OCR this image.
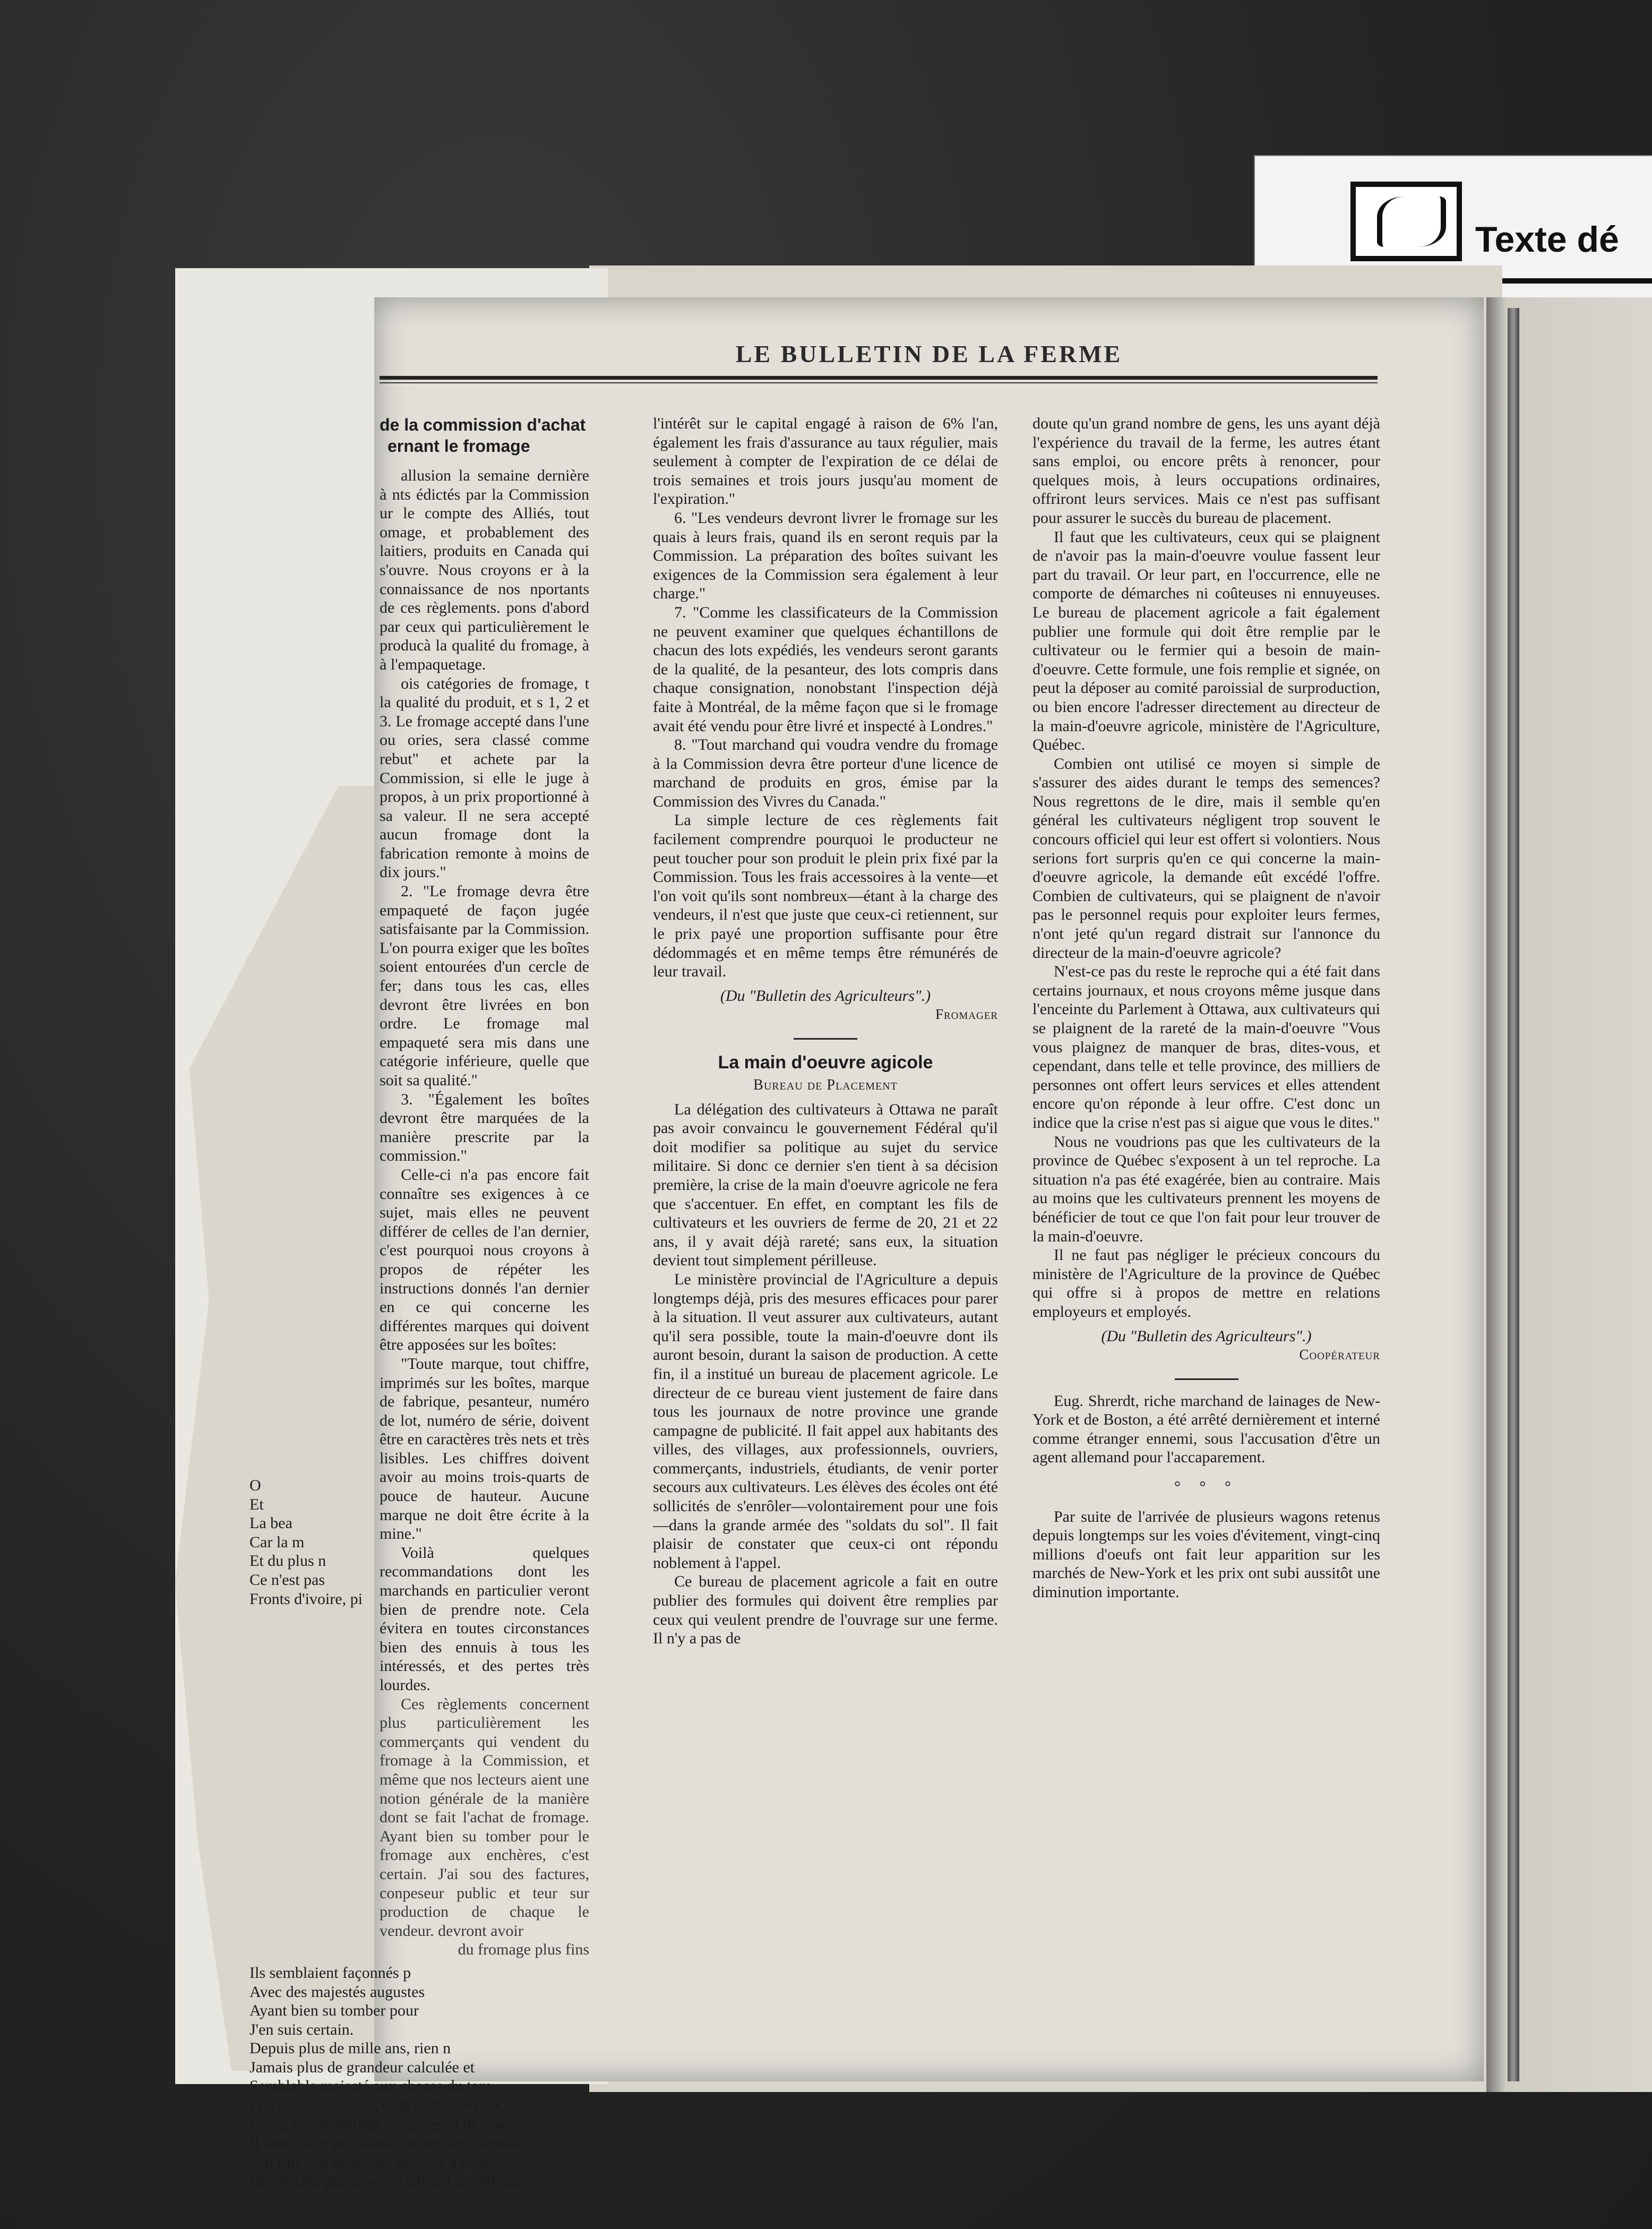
Texte dé
LE BULLETIN DE LA FERME
de la commission d'achat
ernant le fromage

allusion la semaine dernière à nts édictés par la Commission ur le compte des Alliés, tout omage, et probablement des laitiers, produits en Canada qui s'ouvre. Nous croyons er à la connaissance de nos nportants de ces règlements. pons d'abord par ceux qui particulièrement le producà la qualité du fromage, à à l'empaquetage.

ois catégories de fromage, t la qualité du produit, et s 1, 2 et 3. Le fromage accepté dans l'une ou ories, sera classé comme rebut" et achete par la Commission, si elle le juge à propos, à un prix proportionné à sa valeur. Il ne sera accepté aucun fromage dont la fabrication remonte à moins de dix jours."

2. "Le fromage devra être empaqueté de façon jugée satisfaisante par la Commission. L'on pourra exiger que les boîtes soient entourées d'un cercle de fer; dans tous les cas, elles devront être livrées en bon ordre. Le fromage mal empaqueté sera mis dans une catégorie inférieure, quelle que soit sa qualité."

3. "Également les boîtes devront être marquées de la manière prescrite par la commission."

Celle-ci n'a pas encore fait connaître ses exigences à ce sujet, mais elles ne peuvent différer de celles de l'an dernier, c'est pourquoi nous croyons à propos de répéter les instructions donnés l'an dernier en ce qui concerne les différentes marques qui doivent être apposées sur les boîtes:

"Toute marque, tout chiffre, imprimés sur les boîtes, marque de fabrique, pesanteur, numéro de lot, numéro de série, doivent être en caractères très nets et très lisibles. Les chiffres doivent avoir au moins trois-quarts de pouce de hauteur. Aucune marque ne doit être écrite à la mine."

Voilà quelques recommandations dont les marchands en particulier veront bien de prendre note. Cela évitera en toutes circonstances bien des ennuis à tous les intéressés, et des pertes très lourdes.

Ces règlements concernent plus particulièrement les commerçants qui vendent du fromage à la Commission, et même que nos lecteurs aient une notion générale de la manière dont se fait l'achat de fromage. Ayant bien su tomber pour le fromage aux enchères, c'est certain. J'ai sou des factures, conpeseur public et teur sur production de chaque le vendeur. devront avoir

du fromage plus fins

Ils semblaient façonnés p

Avec des majestés augustes

Ayant bien su tomber pour

J'en suis certain.

Depuis plus de mille ans, rien n

Jamais plus de grandeur calculée et

Semblable majesté aux choses du tom

D'ordinaire, le sang, c'est de l'assassinat

Ce fut une splendeur de gestes et de poses!

Il faut croire au hasard correct de la beauté,

Qui sait tout ordonner, et place à côté

De l'enfant gracieux le vieillard grandiose,

O
Et
La bea
Car la m
Et du plus n
Ce n'est pas
Fronts d'ivoire, pi

l'intérêt sur le capital engagé à raison de 6% l'an, également les frais d'assurance au taux régulier, mais seulement à compter de l'expiration de ce délai de trois semaines et trois jours jusqu'au moment de l'expiration."

6. "Les vendeurs devront livrer le fromage sur les quais à leurs frais, quand ils en seront requis par la Commission. La préparation des boîtes suivant les exigences de la Commission sera également à leur charge."

7. "Comme les classificateurs de la Commission ne peuvent examiner que quelques échantillons de chacun des lots expédiés, les vendeurs seront garants de la qualité, de la pesanteur, des lots compris dans chaque consignation, nonobstant l'inspection déjà faite à Montréal, de la même façon que si le fromage avait été vendu pour être livré et inspecté à Londres."

8. "Tout marchand qui voudra vendre du fromage à la Commission devra être porteur d'une licence de marchand de produits en gros, émise par la Commission des Vivres du Canada."

La simple lecture de ces règlements fait facilement comprendre pourquoi le producteur ne peut toucher pour son produit le plein prix fixé par la Commission. Tous les frais accessoires à la vente—et l'on voit qu'ils sont nombreux—étant à la charge des vendeurs, il n'est que juste que ceux-ci retiennent, sur le prix payé une proportion suffisante pour être dédommagés et en même temps être rémunérés de leur travail.

(Du "Bulletin des Agriculteurs".)

Fromager

La main d'oeuvre agicole
Bureau de Placement

La délégation des cultivateurs à Ottawa ne paraît pas avoir convaincu le gouvernement Fédéral qu'il doit modifier sa politique au sujet du service militaire. Si donc ce dernier s'en tient à sa décision première, la crise de la main d'oeuvre agricole ne fera que s'accentuer. En effet, en comptant les fils de cultivateurs et les ouvriers de ferme de 20, 21 et 22 ans, il y avait déjà rareté; sans eux, la situation devient tout simplement périlleuse.

Le ministère provincial de l'Agriculture a depuis longtemps déjà, pris des mesures efficaces pour parer à la situation. Il veut assurer aux cultivateurs, autant qu'il sera possible, toute la main-d'oeuvre dont ils auront besoin, durant la saison de production. A cette fin, il a institué un bureau de placement agricole. Le directeur de ce bureau vient justement de faire dans tous les journaux de notre province une grande campagne de publicité. Il fait appel aux habitants des villes, des villages, aux professionnels, ouvriers, commerçants, industriels, étudiants, de venir porter secours aux cultivateurs. Les élèves des écoles ont été sollicités de s'enrôler—volontairement pour une fois—dans la grande armée des "soldats du sol". Il fait plaisir de constater que ceux-ci ont répondu noblement à l'appel.

Ce bureau de placement agricole a fait en outre publier des formules qui doivent être remplies par ceux qui veulent prendre de l'ouvrage sur une ferme. Il n'y a pas de

doute qu'un grand nombre de gens, les uns ayant déjà l'expérience du travail de la ferme, les autres étant sans emploi, ou encore prêts à renoncer, pour quelques mois, à leurs occupations ordinaires, offriront leurs services. Mais ce n'est pas suffisant pour assurer le succès du bureau de placement.

Il faut que les cultivateurs, ceux qui se plaignent de n'avoir pas la main-d'oeuvre voulue fassent leur part du travail. Or leur part, en l'occurrence, elle ne comporte de démarches ni coûteuses ni ennuyeuses. Le bureau de placement agricole a fait également publier une formule qui doit être remplie par le cultivateur ou le fermier qui a besoin de main-d'oeuvre. Cette formule, une fois remplie et signée, on peut la déposer au comité paroissial de surproduction, ou bien encore l'adresser directement au directeur de la main-d'oeuvre agricole, ministère de l'Agriculture, Québec.

Combien ont utilisé ce moyen si simple de s'assurer des aides durant le temps des semences? Nous regrettons de le dire, mais il semble qu'en général les cultivateurs négligent trop souvent le concours officiel qui leur est offert si volontiers. Nous serions fort surpris qu'en ce qui concerne la main-d'oeuvre agricole, la demande eût excédé l'offre. Combien de cultivateurs, qui se plaignent de n'avoir pas le personnel requis pour exploiter leurs fermes, n'ont jeté qu'un regard distrait sur l'annonce du directeur de la main-d'oeuvre agricole?

N'est-ce pas du reste le reproche qui a été fait dans certains journaux, et nous croyons même jusque dans l'enceinte du Parlement à Ottawa, aux cultivateurs qui se plaignent de la rareté de la main-d'oeuvre "Vous vous plaignez de manquer de bras, dites-vous, et cependant, dans telle et telle province, des milliers de personnes ont offert leurs services et elles attendent encore qu'on réponde à leur offre. C'est donc un indice que la crise n'est pas si aigue que vous le dites."

Nous ne voudrions pas que les cultivateurs de la province de Québec s'exposent à un tel reproche. La situation n'a pas été exagérée, bien au contraire. Mais au moins que les cultivateurs prennent les moyens de bénéficier de tout ce que l'on fait pour leur trouver de la main-d'oeuvre.

Il ne faut pas négliger le précieux concours du ministère de l'Agriculture de la province de Québec qui offre si à propos de mettre en relations employeurs et employés.

(Du "Bulletin des Agriculteurs".)

Coopérateur

Eug. Shrerdt, riche marchand de lainages de New-York et de Boston, a été arrêté dernièrement et interné comme étranger ennemi, sous l'accusation d'être un agent allemand pour l'accaparement.

° ° °

Par suite de l'arrivée de plusieurs wagons retenus depuis longtemps sur les voies d'évitement, vingt-cinq millions d'oeufs ont fait leur apparition sur les marchés de New-York et les prix ont subi aussitôt une diminution importante.
